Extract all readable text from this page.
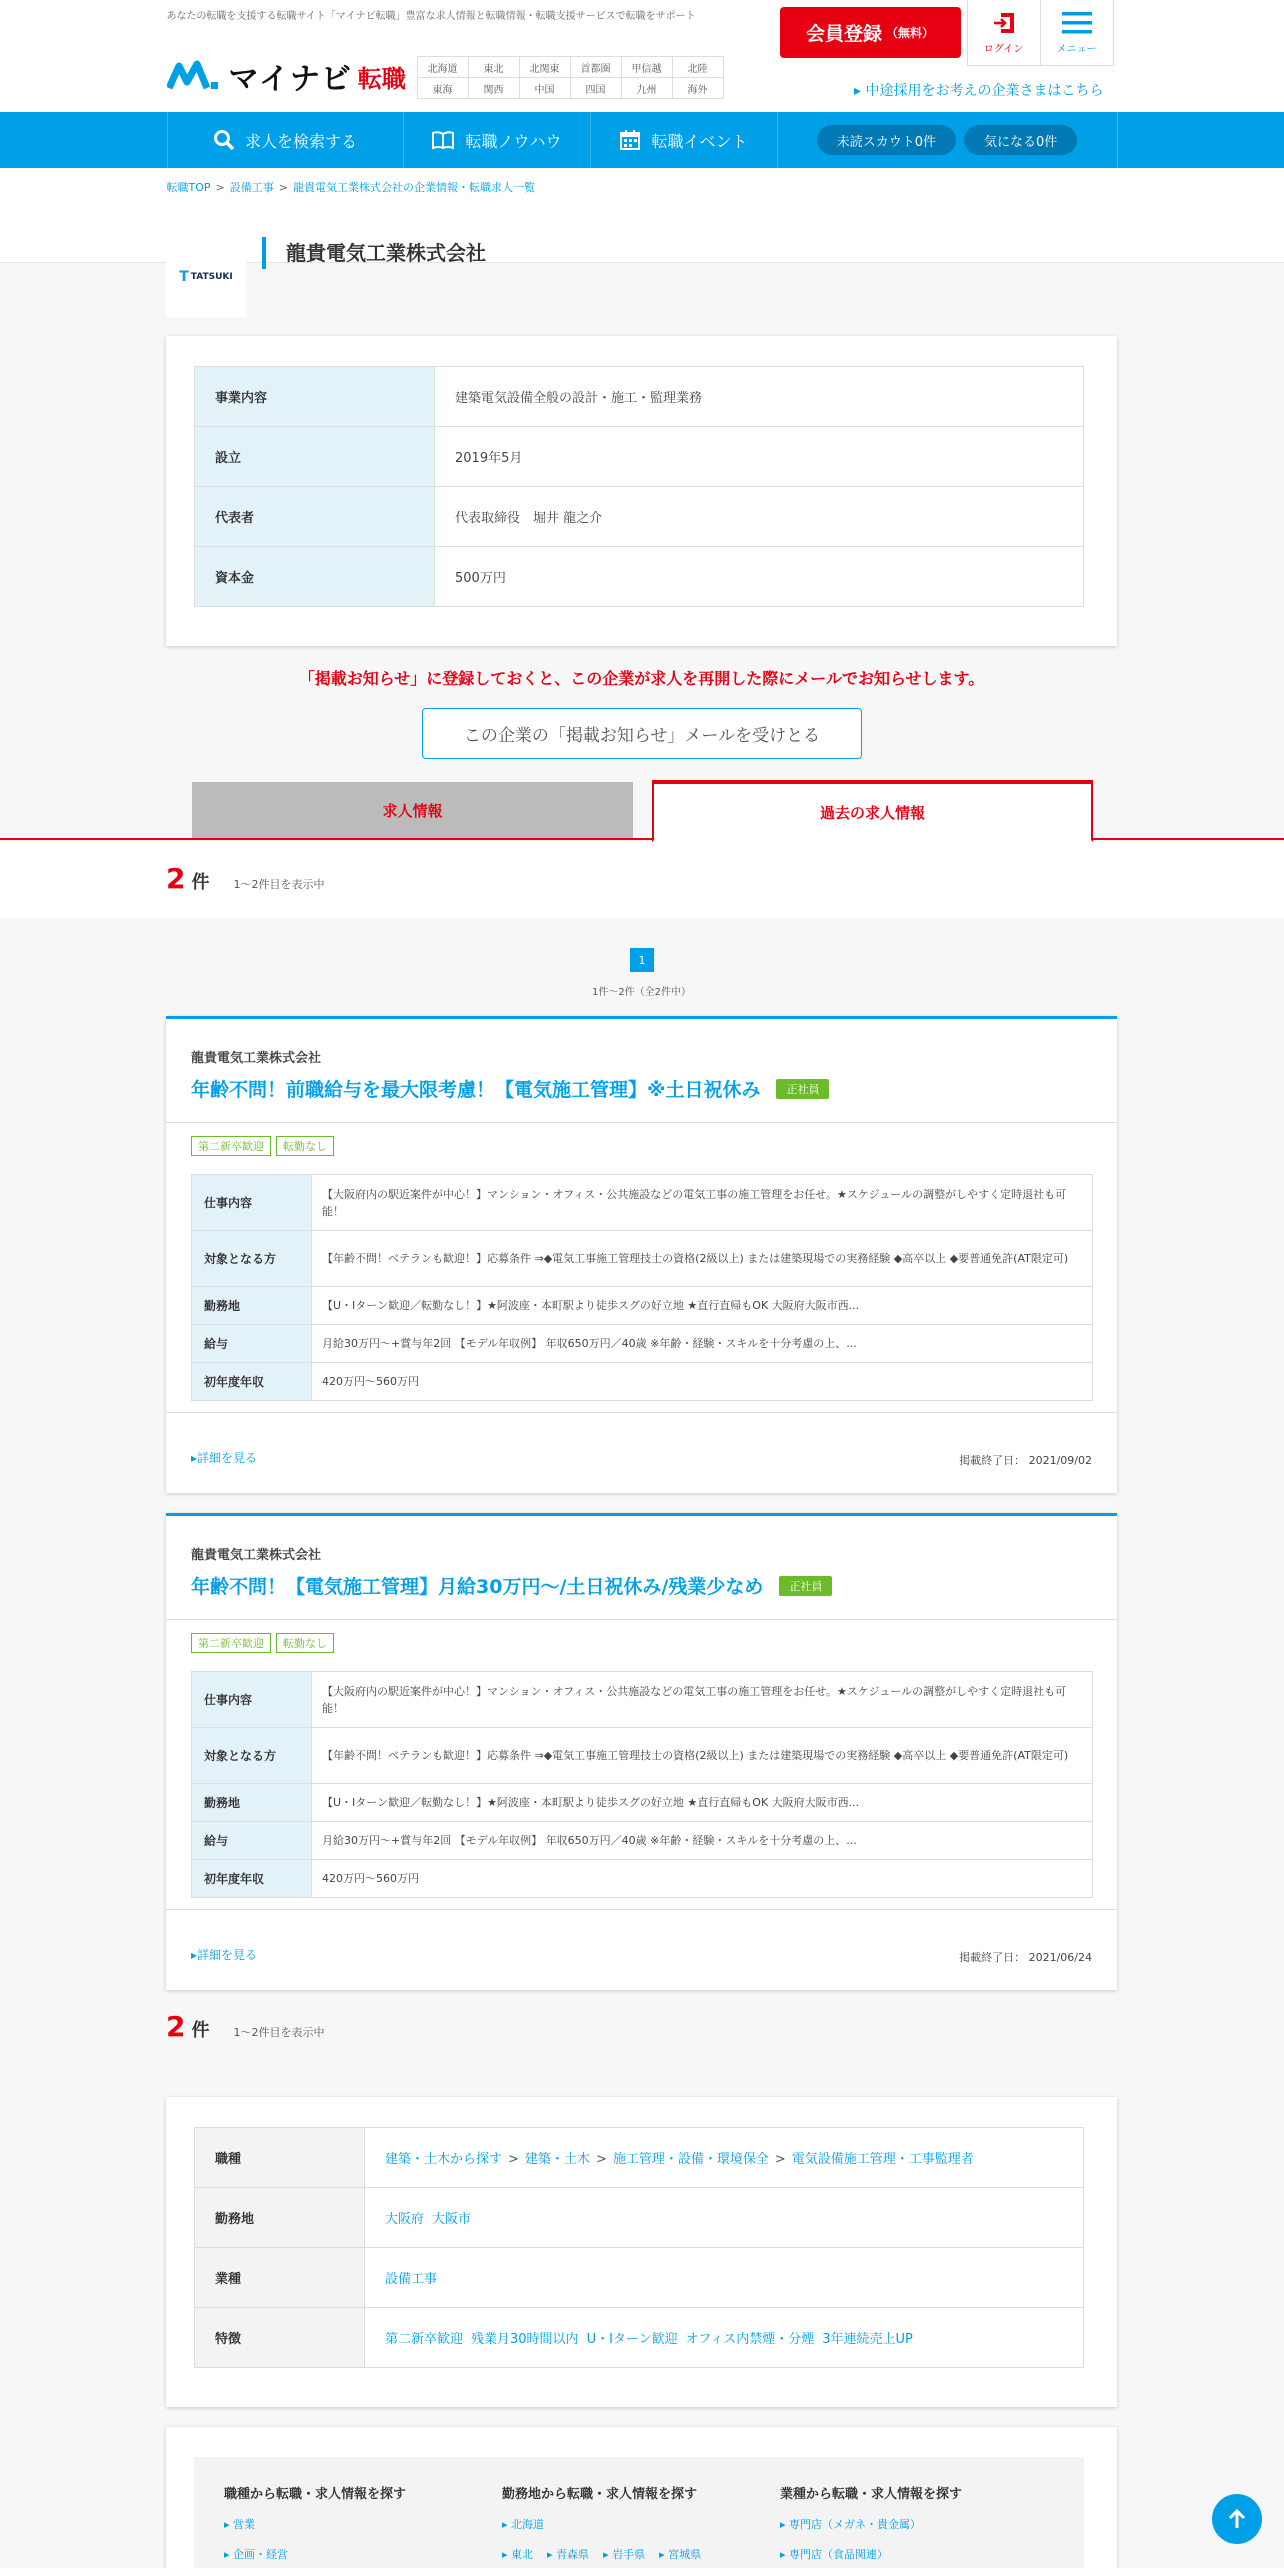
あなたの転職を支援する転職サイト「マイナビ転職」豊富な求人情報と転職情報・転職支援サービスで転職をサポート
マイナビ 転職 北海道	東北	北関東	首都圏	甲信越	北陸
東海	関西	中国	四国	九州	海外
会員登録 （無料）
ログイン	メニュー
▸ 中途採用をお考えの企業さまはこちら
求人を検索する	転職ノウハウ	転職イベント	未読スカウト0件	気になる0件
転職TOP > 設備工事 > 龍貴電気工業株式会社の企業情報・転職求人一覧
T TATSUKI
龍貴電気工業株式会社
事業内容	建築電気設備全般の設計・施工・監理業務
設立	2019年5月
代表者	代表取締役　堀井 龍之介
資本金	500万円
「掲載お知らせ」に登録しておくと、この企業が求人を再開した際にメールでお知らせします。
この企業の「掲載お知らせ」メールを受けとる
求人情報	過去の求人情報
2 件 1〜2件目を表示中
1
1件〜2件（全2件中）
龍貴電気工業株式会社
年齢不問！前職給与を最大限考慮！【電気施工管理】※土日祝休み	正社員
第二新卒歓迎	転勤なし
仕事内容	【大阪府内の駅近案件が中心！】マンション・オフィス・公共施設などの電気工事の施工管理をお任せ。★スケジュールの調整がしやすく定時退社も可能！
対象となる方	【年齢不問！ベテランも歓迎！】応募条件 ⇒◆電気工事施工管理技士の資格(2級以上) または建築現場での実務経験 ◆高卒以上 ◆要普通免許(AT限定可)
勤務地	【U・Iターン歓迎／転勤なし！】★阿波座・本町駅より徒歩スグの好立地 ★直行直帰もOK 大阪府大阪市西...
給与	月給30万円〜+賞与年2回 【モデル年収例】 年収650万円／40歳 ※年齢・経験・スキルを十分考慮の上、...
初年度年収	420万円～560万円
▸詳細を見る	掲載終了日： 2021/09/02
龍貴電気工業株式会社
年齢不問！【電気施工管理】月給30万円～/土日祝休み/残業少なめ	正社員
第二新卒歓迎	転勤なし
仕事内容	【大阪府内の駅近案件が中心！】マンション・オフィス・公共施設などの電気工事の施工管理をお任せ。★スケジュールの調整がしやすく定時退社も可能！
対象となる方	【年齢不問！ベテランも歓迎！】応募条件 ⇒◆電気工事施工管理技士の資格(2級以上) または建築現場での実務経験 ◆高卒以上 ◆要普通免許(AT限定可)
勤務地	【U・Iターン歓迎／転勤なし！】★阿波座・本町駅より徒歩スグの好立地 ★直行直帰もOK 大阪府大阪市西...
給与	月給30万円〜+賞与年2回 【モデル年収例】 年収650万円／40歳 ※年齢・経験・スキルを十分考慮の上、...
初年度年収	420万円～560万円
▸詳細を見る	掲載終了日： 2021/06/24
2 件 1〜2件目を表示中
職種	建築・土木から探す > 建築・土木 > 施工管理・設備・環境保全 > 電気設備施工管理・工事監理者
勤務地	大阪府 大阪市
業種	設備工事
特徴	第二新卒歓迎 残業月30時間以内 U・Iターン歓迎 オフィス内禁煙・分煙 3年連続売上UP
職種から転職・求人情報を探す
▸ 営業
▸ 企画・経営
勤務地から転職・求人情報を探す
▸ 北海道
▸ 東北 ▸ 青森県 ▸ 岩手県 ▸ 宮城県
業種から転職・求人情報を探す
▸ 専門店（メガネ・貴金属）
▸ 専門店（食品関連）
